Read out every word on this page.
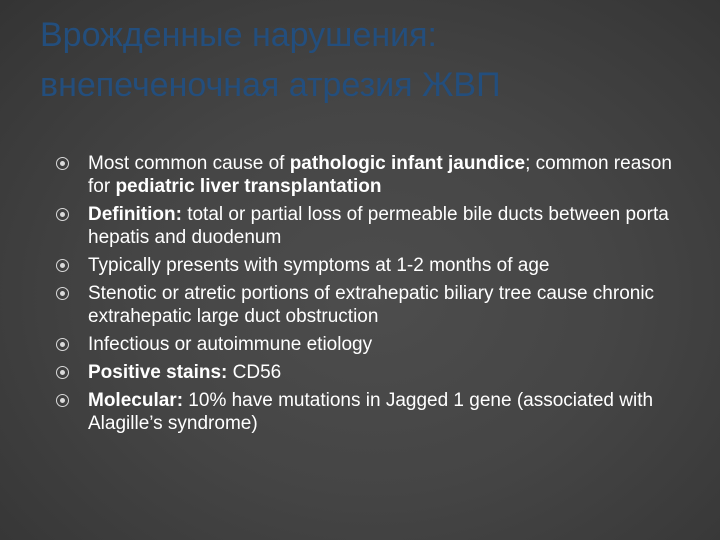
Врожденные нарушения:
внепеченочная атрезия ЖВП
Most common cause of pathologic infant jaundice; common reason for pediatric liver transplantation
Definition: total or partial loss of permeable bile ducts between porta hepatis and duodenum
Typically presents with symptoms at 1-2 months of age
Stenotic or atretic portions of extrahepatic biliary tree cause chronic extrahepatic large duct obstruction
Infectious or autoimmune etiology
Positive stains: CD56
Molecular: 10% have mutations in Jagged 1 gene (associated with Alagille’s syndrome)
